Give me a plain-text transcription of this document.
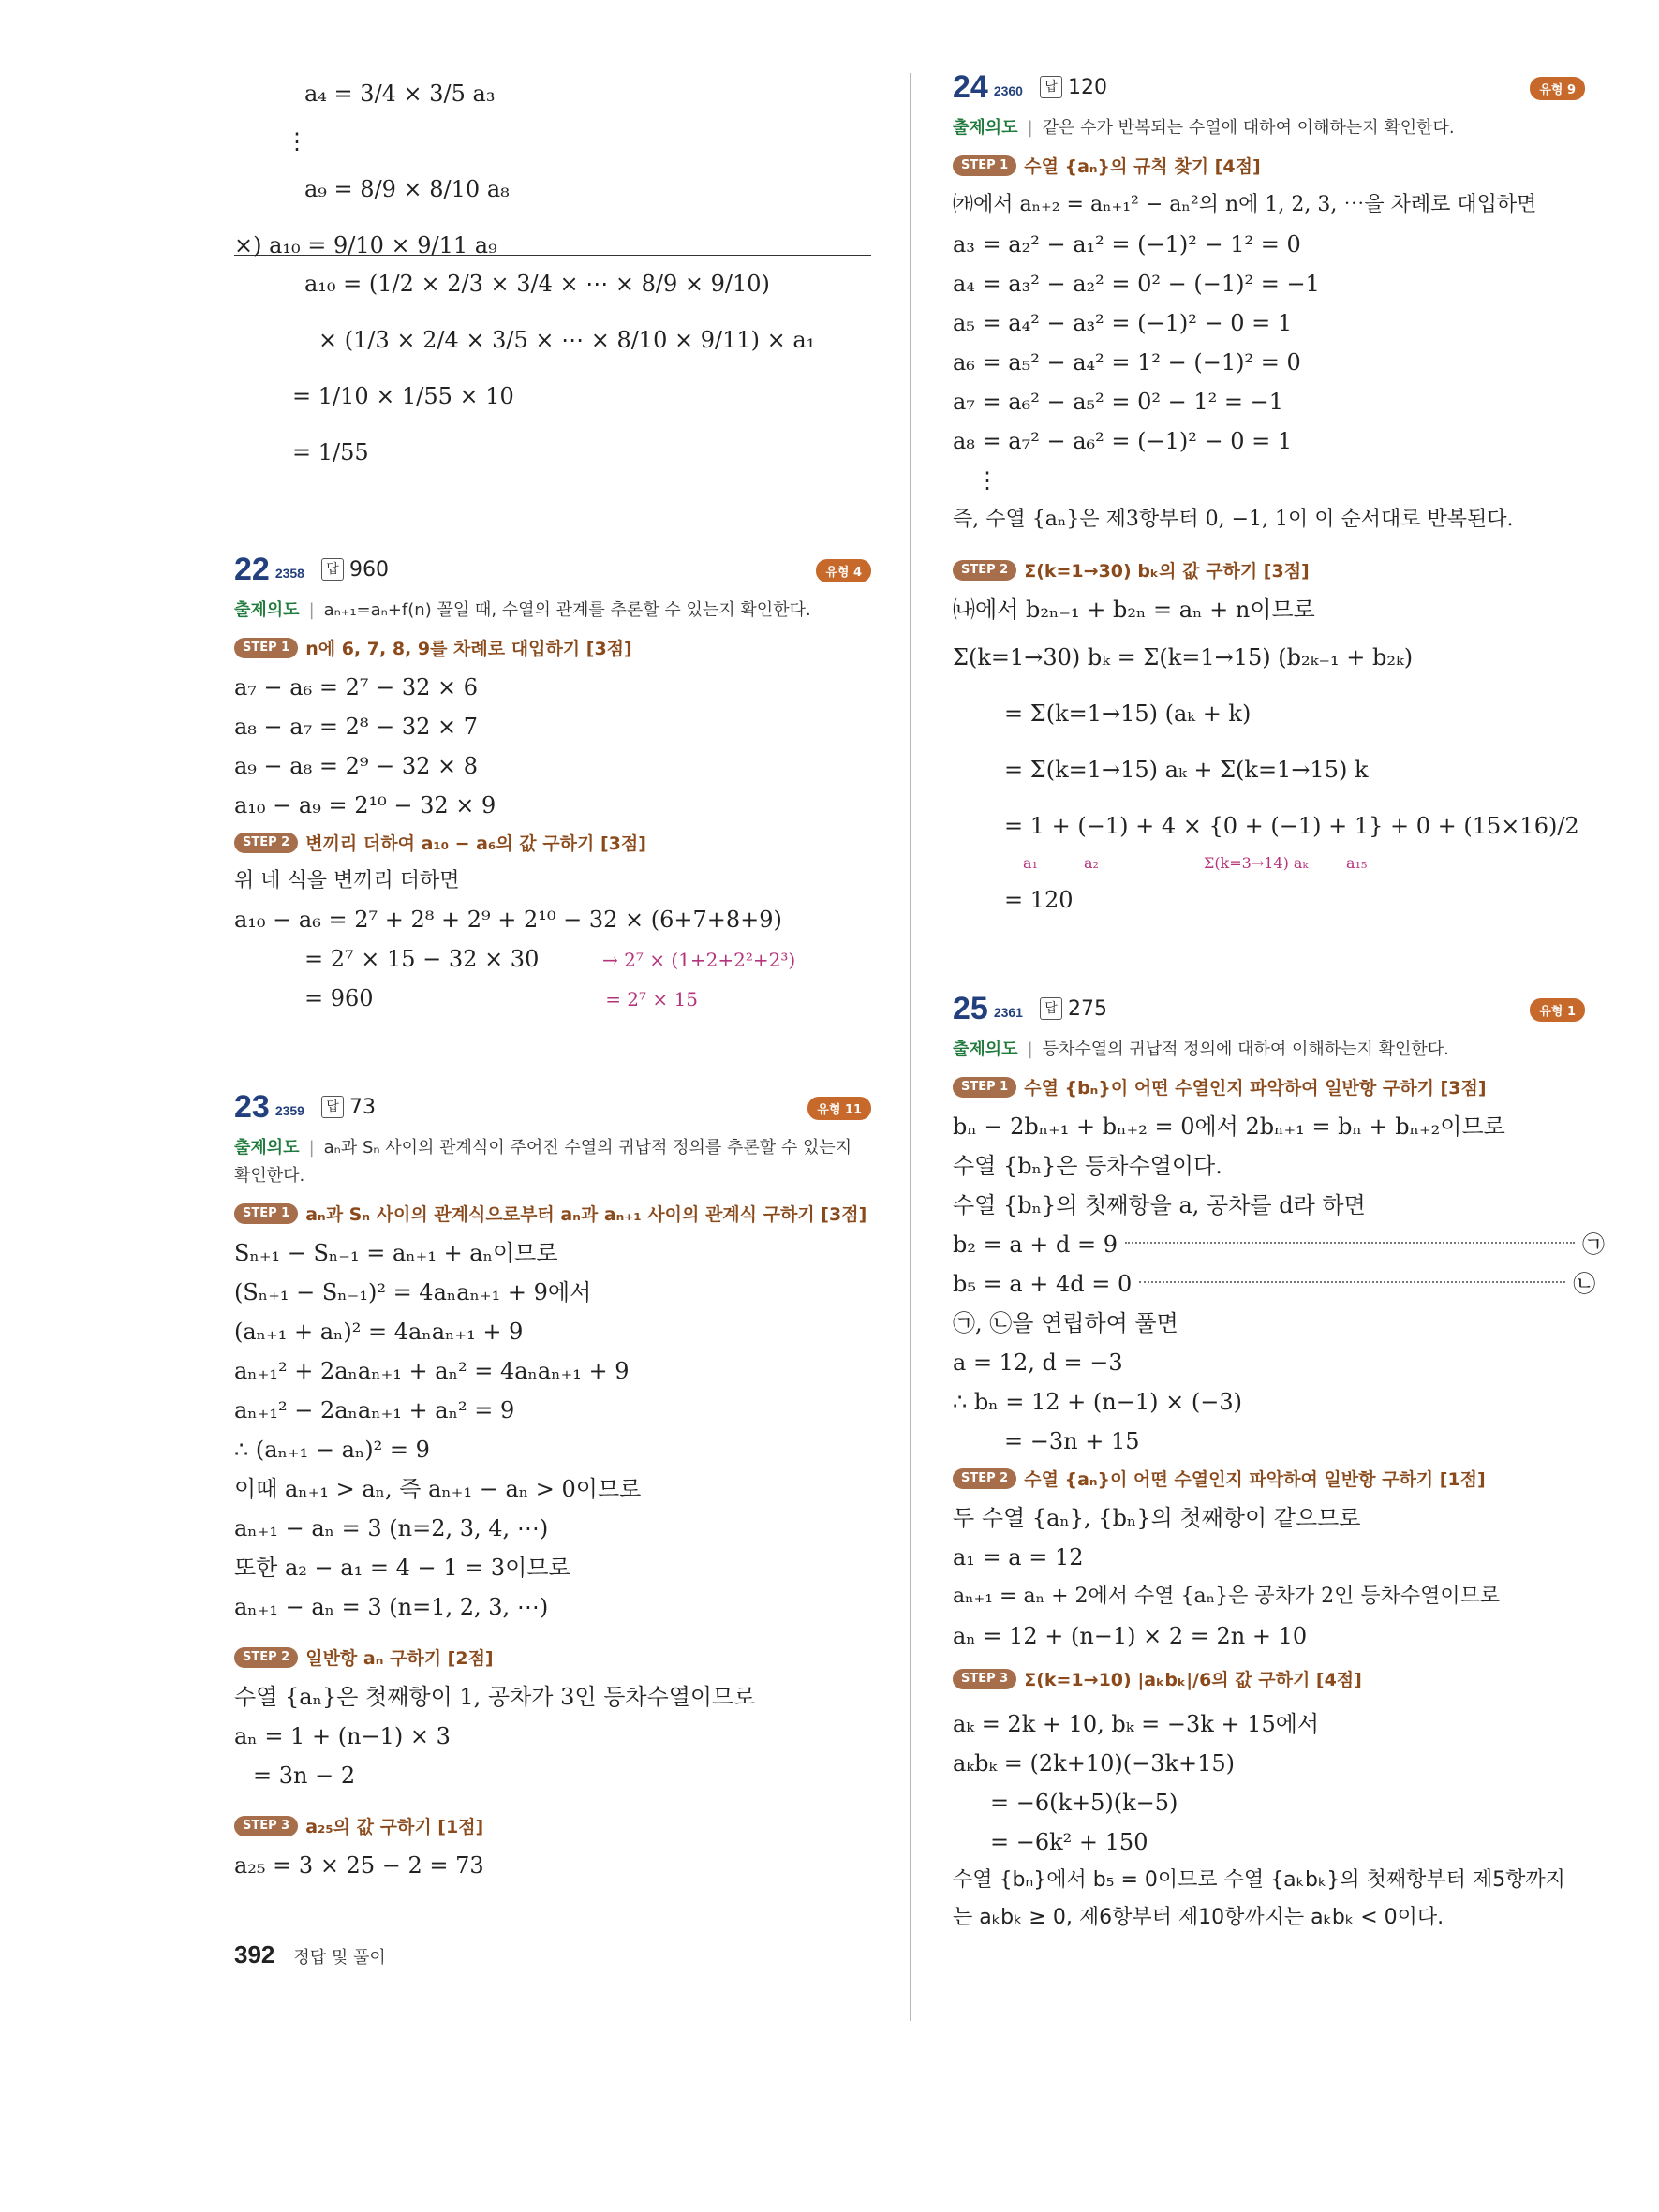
a₄ = 3/4 × 3/5 a₃
⋮
a₉ = 8/9 × 8/10 a₈
×) a₁₀ = 9/10 × 9/11 a₉
a₁₀ = (1/2 × 2/3 × 3/4 × ⋯ × 8/9 × 9/10)
× (1/3 × 2/4 × 3/5 × ⋯ × 8/10 × 9/11) × a₁
= 1/10 × 1/55 × 10
= 1/55
22 2358	답 960	유형 4
출제의도 | aₙ₊₁=aₙ+f(n) 꼴일 때, 수열의 관계를 추론할 수 있는지 확인한다.
STEP 1 n에 6, 7, 8, 9를 차례로 대입하기 [3점]
a₇ − a₆ = 2⁷ − 32 × 6
a₈ − a₇ = 2⁸ − 32 × 7
a₉ − a₈ = 2⁹ − 32 × 8
a₁₀ − a₉ = 2¹⁰ − 32 × 9
STEP 2 변끼리 더하여 a₁₀ − a₆의 값 구하기 [3점]
위 네 식을 변끼리 더하면
a₁₀ − a₆ = 2⁷ + 2⁸ + 2⁹ + 2¹⁰ − 32 × (6+7+8+9)
= 2⁷ × 15 − 32 × 30	→ 2⁷ × (1+2+2²+2³)
= 960	= 2⁷ × 15
23 2359	답 73	유형 11
출제의도 | aₙ과 Sₙ 사이의 관계식이 주어진 수열의 귀납적 정의를 추론할 수 있는지 확인한다.
STEP 1 aₙ과 Sₙ 사이의 관계식으로부터 aₙ과 aₙ₊₁ 사이의 관계식 구하기 [3점]
Sₙ₊₁ − Sₙ₋₁ = aₙ₊₁ + aₙ이므로
(Sₙ₊₁ − Sₙ₋₁)² = 4aₙaₙ₊₁ + 9에서
(aₙ₊₁ + aₙ)² = 4aₙaₙ₊₁ + 9
aₙ₊₁² + 2aₙaₙ₊₁ + aₙ² = 4aₙaₙ₊₁ + 9
aₙ₊₁² − 2aₙaₙ₊₁ + aₙ² = 9
∴ (aₙ₊₁ − aₙ)² = 9
이때 aₙ₊₁ > aₙ, 즉 aₙ₊₁ − aₙ > 0이므로
aₙ₊₁ − aₙ = 3 (n=2, 3, 4, ⋯)
또한 a₂ − a₁ = 4 − 1 = 3이므로
aₙ₊₁ − aₙ = 3 (n=1, 2, 3, ⋯)
STEP 2 일반항 aₙ 구하기 [2점]
수열 {aₙ}은 첫째항이 1, 공차가 3인 등차수열이므로
aₙ = 1 + (n−1) × 3
= 3n − 2
STEP 3 a₂₅의 값 구하기 [1점]
a₂₅ = 3 × 25 − 2 = 73
24 2360	답 120	유형 9
출제의도 | 같은 수가 반복되는 수열에 대하여 이해하는지 확인한다.
STEP 1 수열 {aₙ}의 규칙 찾기 [4점]
㈎에서 aₙ₊₂ = aₙ₊₁² − aₙ²의 n에 1, 2, 3, ⋯을 차례로 대입하면
a₃ = a₂² − a₁² = (−1)² − 1² = 0
a₄ = a₃² − a₂² = 0² − (−1)² = −1
a₅ = a₄² − a₃² = (−1)² − 0 = 1
a₆ = a₅² − a₄² = 1² − (−1)² = 0
a₇ = a₆² − a₅² = 0² − 1² = −1
a₈ = a₇² − a₆² = (−1)² − 0 = 1
⋮
즉, 수열 {aₙ}은 제3항부터 0, −1, 1이 이 순서대로 반복된다.
STEP 2 Σ(k=1→30) bₖ의 값 구하기 [3점]
㈏에서 b₂ₙ₋₁ + b₂ₙ = aₙ + n이므로
Σ(k=1→30) bₖ = Σ(k=1→15) (b₂ₖ₋₁ + b₂ₖ)
= Σ(k=1→15) (aₖ + k)
= Σ(k=1→15) aₖ + Σ(k=1→15) k
= 1 + (−1) + 4 × {0 + (−1) + 1} + 0 + (15×16)/2
a₁	a₂	Σ(k=3→14) aₖ	a₁₅
= 120
25 2361	답 275	유형 1
출제의도 | 등차수열의 귀납적 정의에 대하여 이해하는지 확인한다.
STEP 1 수열 {bₙ}이 어떤 수열인지 파악하여 일반항 구하기 [3점]
bₙ − 2bₙ₊₁ + bₙ₊₂ = 0에서 2bₙ₊₁ = bₙ + bₙ₊₂이므로
수열 {bₙ}은 등차수열이다.
수열 {bₙ}의 첫째항을 a, 공차를 d라 하면
b₂ = a + d = 9	㉠
b₅ = a + 4d = 0	㉡
㉠, ㉡을 연립하여 풀면
a = 12, d = −3
∴ bₙ = 12 + (n−1) × (−3)
= −3n + 15
STEP 2 수열 {aₙ}이 어떤 수열인지 파악하여 일반항 구하기 [1점]
두 수열 {aₙ}, {bₙ}의 첫째항이 같으므로
a₁ = a = 12
aₙ₊₁ = aₙ + 2에서 수열 {aₙ}은 공차가 2인 등차수열이므로
aₙ = 12 + (n−1) × 2 = 2n + 10
STEP 3 Σ(k=1→10) |aₖbₖ|/6의 값 구하기 [4점]
aₖ = 2k + 10, bₖ = −3k + 15에서
aₖbₖ = (2k+10)(−3k+15)
= −6(k+5)(k−5)
= −6k² + 150
수열 {bₙ}에서 b₅ = 0이므로 수열 {aₖbₖ}의 첫째항부터 제5항까지는 aₖbₖ ≥ 0, 제6항부터 제10항까지는 aₖbₖ < 0이다.
392 정답 및 풀이
